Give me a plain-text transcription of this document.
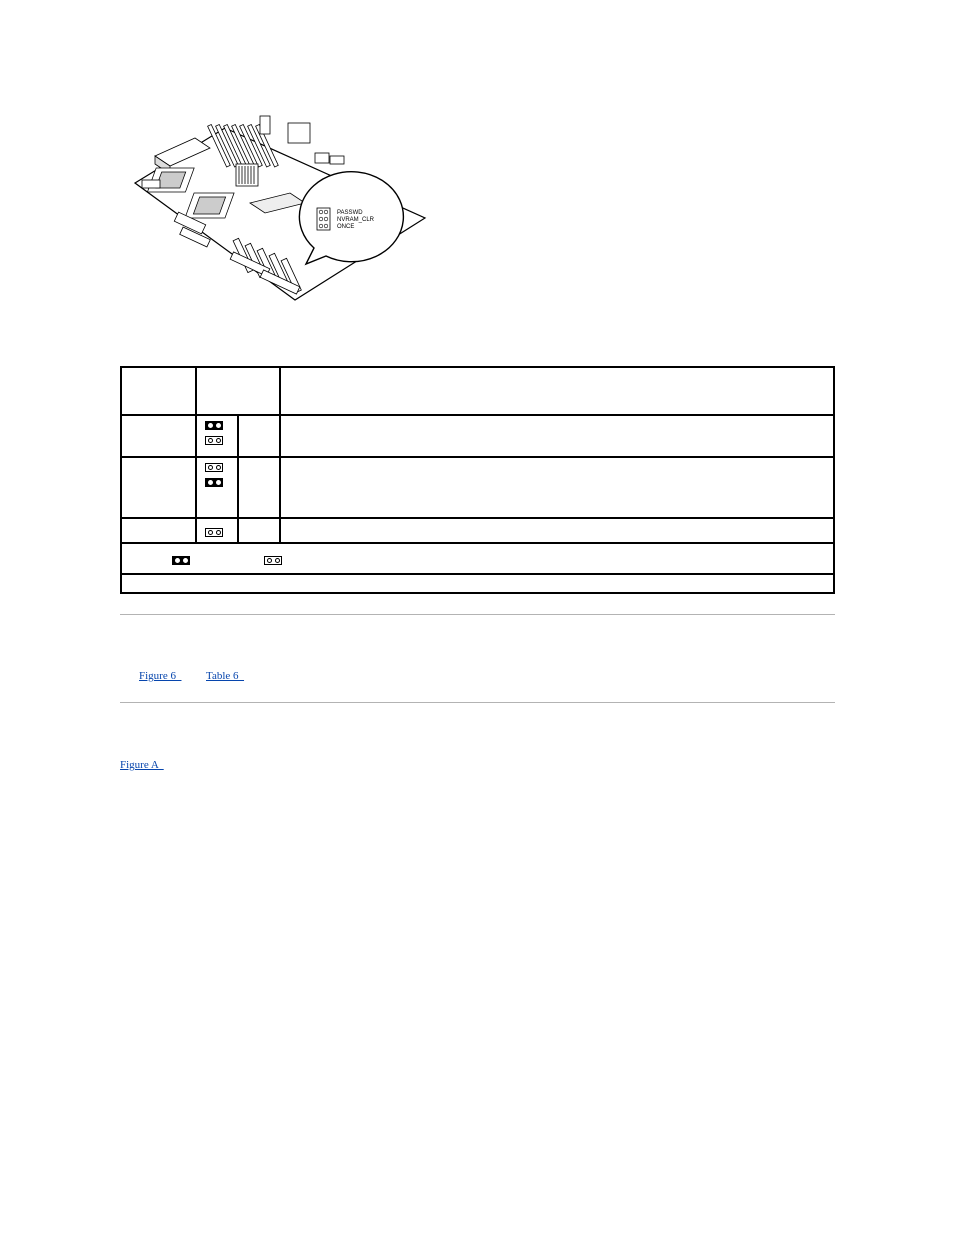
PASSWD
NVRAM_CLR
ONCE

Figure 6 Table 6
Figure A
